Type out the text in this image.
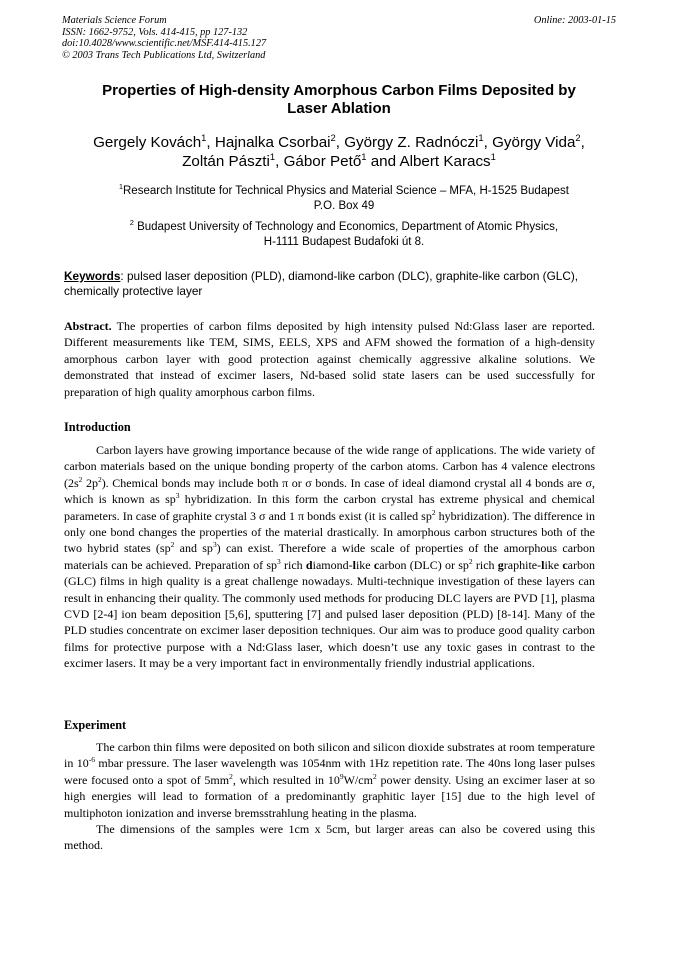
Materials Science Forum
ISSN: 1662-9752, Vols. 414-415, pp 127-132
doi:10.4028/www.scientific.net/MSF.414-415.127
© 2003 Trans Tech Publications Ltd, Switzerland
Online: 2003-01-15
Properties of High-density Amorphous Carbon Films Deposited by
Laser Ablation
Gergely Kovách$^1$, Hajnalka Csorbai$^2$, György Z. Radnóczi$^1$, György Vida$^2$,
Zoltán Pászti$^1$, Gábor Pető$^1$ and Albert Karacs$^1$
$^1$Research Institute for Technical Physics and Material Science – MFA, H-1525 Budapest
P.O. Box 49
$^2$ Budapest University of Technology and Economics, Department of Atomic Physics,
H-1111 Budapest Budafoki út 8.
Keywords: pulsed laser deposition (PLD), diamond-like carbon (DLC), graphite-like carbon (GLC), chemically protective layer
Abstract. The properties of carbon films deposited by high intensity pulsed Nd:Glass laser are reported. Different measurements like TEM, SIMS, EELS, XPS and AFM showed the formation of a high-density amorphous carbon layer with good protection against chemically aggressive alkaline solutions. We demonstrated that instead of excimer lasers, Nd-based solid state lasers can be used successfully for preparation of high quality amorphous carbon films.
Introduction

Carbon layers have growing importance because of the wide range of applications. The wide variety of carbon materials based on the unique bonding property of the carbon atoms. Carbon has 4 valence electrons ($2s^2$ $2p^2$). Chemical bonds may include both π or σ bonds. In case of ideal diamond crystal all 4 bonds are σ, which is known as $sp^3$ hybridization. In this form the carbon crystal has extreme physical and chemical parameters. In case of graphite crystal 3 σ and 1 π bonds exist (it is called $sp^2$ hybridization). The difference in only one bond changes the properties of the material drastically. In amorphous carbon structures both of the two hybrid states ($sp^2$ and $sp^3$) can exist. Therefore a wide scale of properties of the amorphous carbon materials can be achieved. Preparation of $sp^3$ rich diamond-like carbon (DLC) or $sp^2$ rich graphite-like carbon (GLC) films in high quality is a great challenge nowadays. Multi-technique investigation of these layers can result in enhancing their quality. The commonly used methods for producing DLC layers are PVD [1], plasma CVD [2-4] ion beam deposition [5,6], sputtering [7] and pulsed laser deposition (PLD) [8-14]. Many of the PLD studies concentrate on excimer laser deposition techniques. Our aim was to produce good quality carbon films for protective purpose with a Nd:Glass laser, which doesn’t use any toxic gases in contrast to the excimer lasers. It may be a very important fact in environmentally friendly industrial applications.

Experiment

The carbon thin films were deposited on both silicon and silicon dioxide substrates at room temperature in $10^{-6}$ mbar pressure. The laser wavelength was 1054nm with 1Hz repetition rate. The 40ns long laser pulses were focused onto a spot of $5mm^2$, which resulted in $10^9W/cm^2$ power density. Using an excimer laser at so high energies will lead to formation of a predominantly graphitic layer [15] due to the high level of multiphoton ionization and inverse bremsstrahlung heating in the plasma.

The dimensions of the samples were 1cm x 5cm, but larger areas can also be covered using this method.
